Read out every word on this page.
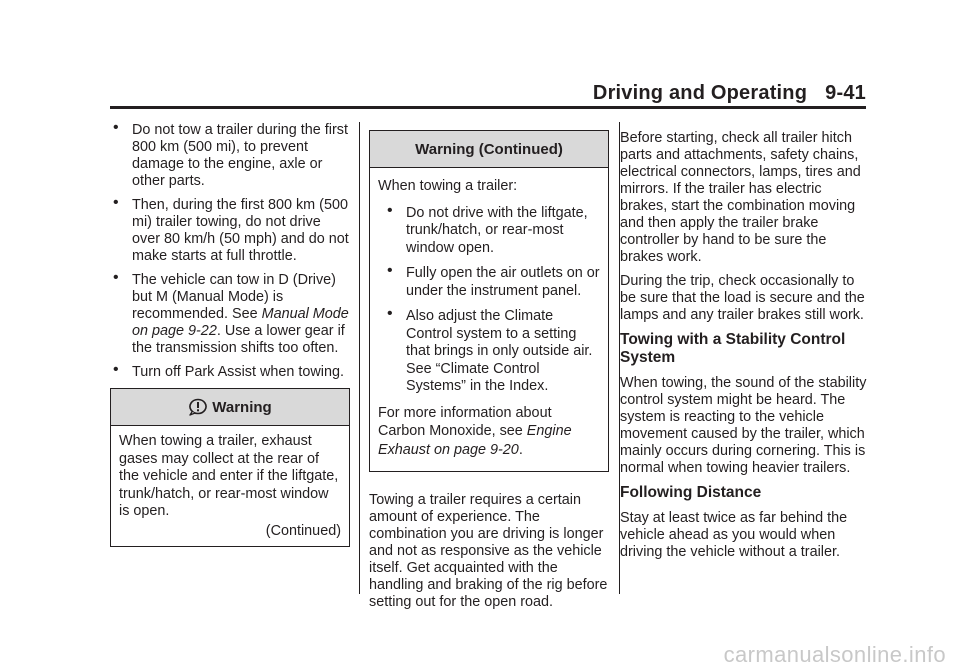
Driving and Operating 9-41
• Do not tow a trailer during the first 800 km (500 mi), to prevent damage to the engine, axle or other parts.
• Then, during the first 800 km (500 mi) trailer towing, do not drive over 80 km/h (50 mph) and do not make starts at full throttle.
• The vehicle can tow in D (Drive) but M (Manual Mode) is recommended. See Manual Mode on page 9-22. Use a lower gear if the transmission shifts too often.
• Turn off Park Assist when towing.
Warning

When towing a trailer, exhaust gases may collect at the rear of the vehicle and enter if the liftgate, trunk/hatch, or rear-most window is open.

(Continued)
Warning (Continued)

When towing a trailer:

• Do not drive with the liftgate, trunk/hatch, or rear-most window open.
• Fully open the air outlets on or under the instrument panel.
• Also adjust the Climate Control system to a setting that brings in only outside air. See “Climate Control Systems” in the Index.

For more information about Carbon Monoxide, see Engine Exhaust on page 9-20.

Towing a trailer requires a certain amount of experience. The combination you are driving is longer and not as responsive as the vehicle itself. Get acquainted with the handling and braking of the rig before setting out for the open road.

Before starting, check all trailer hitch parts and attachments, safety chains, electrical connectors, lamps, tires and mirrors. If the trailer has electric brakes, start the combination moving and then apply the trailer brake controller by hand to be sure the brakes work.

During the trip, check occasionally to be sure that the load is secure and the lamps and any trailer brakes still work.

Towing with a Stability Control System

When towing, the sound of the stability control system might be heard. The system is reacting to the vehicle movement caused by the trailer, which mainly occurs during cornering. This is normal when towing heavier trailers.

Following Distance

Stay at least twice as far behind the vehicle ahead as you would when driving the vehicle without a trailer.

carmanualsonline.info
